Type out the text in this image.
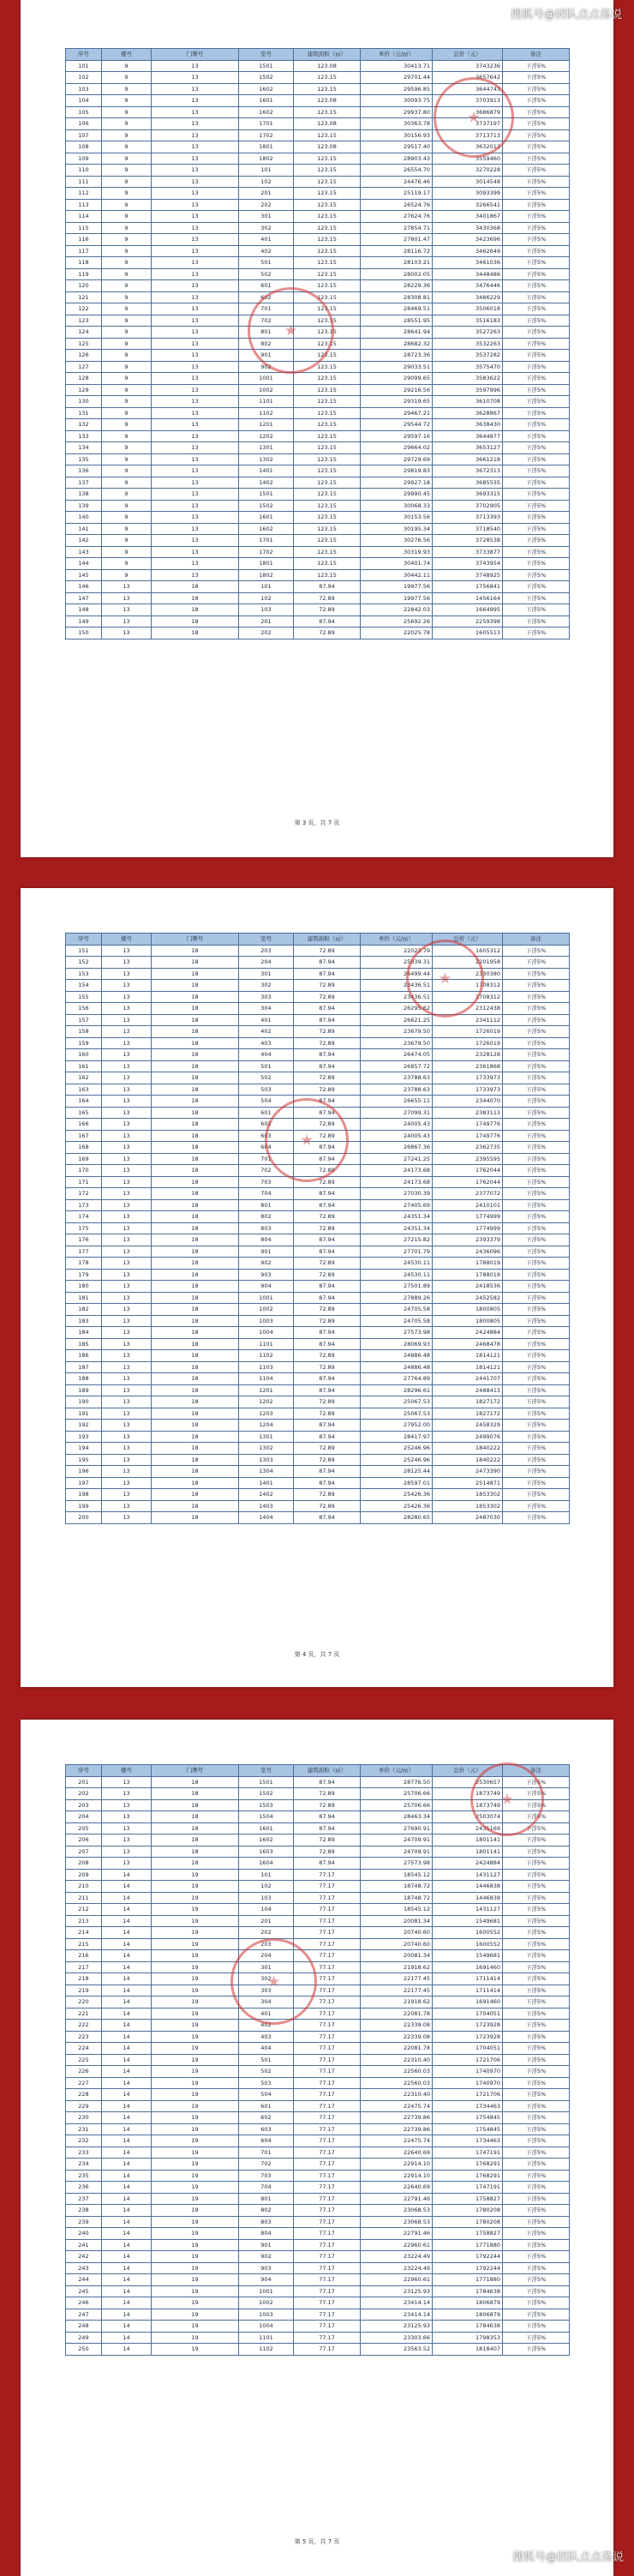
序号	楼号	门牌号	室号	建筑面积（㎡）	单价（元/㎡）	总价（元）	备注
101	9	13	1501	123.08	30413.71	3743236	下浮5%
102	9	13	1502	123.15	29701.44	3657642	下浮5%
103	9	13	1602	123.15	29596.85	3644743	下浮5%
104	9	13	1601	123.08	30093.75	3703913	下浮5%
105	9	13	1602	123.15	29937.80	3686879	下浮5%
106	9	13	1701	123.08	30363.78	3737197	下浮5%
107	9	13	1702	123.15	30156.93	3713713	下浮5%
108	9	13	1801	123.08	29517.40	3632013	下浮5%
109	9	13	1802	123.15	28903.43	3559460	下浮5%
110	9	13	101	123.15	26554.70	3270228	下浮5%
111	9	13	102	123.15	24476.46	3014548	下浮5%
112	9	13	201	123.15	25119.17	3093399	下浮5%
113	9	13	202	123.15	26524.76	3266541	下浮5%
114	9	13	301	123.15	27624.76	3401867	下浮5%
115	9	13	302	123.15	27854.71	3430368	下浮5%
116	9	13	401	123.15	27801.47	3423696	下浮5%
117	9	13	402	123.15	28116.72	3462649	下浮5%
118	9	13	501	123.15	28103.21	3461036	下浮5%
119	9	13	502	123.15	28002.05	3448486	下浮5%
120	9	13	601	123.15	28229.36	3476446	下浮5%
121	9	13	602	123.15	28308.81	3486229	下浮5%
122	9	13	701	123.15	28469.51	3506018	下浮5%
123	9	13	702	123.15	28551.95	3516183	下浮5%
124	9	13	801	123.15	28641.94	3527263	下浮5%
125	9	13	802	123.15	28682.32	3532263	下浮5%
126	9	13	901	123.15	28723.36	3537282	下浮5%
127	9	13	902	123.15	29033.51	3575470	下浮5%
128	9	13	1001	123.15	29099.65	3583622	下浮5%
129	9	13	1002	123.15	29216.56	3597996	下浮5%
130	9	13	1101	123.15	29319.65	3610708	下浮5%
131	9	13	1102	123.15	29467.21	3628867	下浮5%
132	9	13	1201	123.15	29544.72	3638430	下浮5%
133	9	13	1202	123.15	29597.16	3644877	下浮5%
134	9	13	1301	123.15	29664.02	3653127	下浮5%
135	9	13	1302	123.15	29729.69	3661218	下浮5%
136	9	13	1401	123.15	29819.83	3672313	下浮5%
137	9	13	1402	123.15	29927.18	3685535	下浮5%
138	9	13	1501	123.15	29990.45	3693315	下浮5%
139	9	13	1502	123.15	30068.33	3702905	下浮5%
140	9	13	1601	123.15	30153.56	3713393	下浮5%
141	9	13	1602	123.15	30195.34	3718540	下浮5%
142	9	13	1701	123.15	30276.56	3728538	下浮5%
143	9	13	1702	123.15	30319.93	3733877	下浮5%
144	9	13	1801	123.15	30401.74	3743954	下浮5%
145	9	13	1802	123.15	30442.11	3748925	下浮5%
146	13	18	101	87.94	19977.56	1756841	下浮5%
147	13	18	102	72.89	19977.56	1456164	下浮5%
148	13	18	103	72.89	22842.03	1664995	下浮5%
149	13	18	201	87.94	25692.26	2259398	下浮5%
150	13	18	202	72.89	22025.78	1605513	下浮5%
第 3 页，共 7 页
序号	楼号	门牌号	室号	建筑面积（㎡）	单价（元/㎡）	总价（元）	备注
151	13	18	203	72.89	22023.79	1605312	下浮5%
152	13	18	204	87.94	25039.31	2201958	下浮5%
153	13	18	301	87.94	26499.44	2330380	下浮5%
154	13	18	302	72.89	23436.51	1708312	下浮5%
155	13	18	303	72.89	23436.51	1708312	下浮5%
156	13	18	304	87.94	26295.62	2312438	下浮5%
157	13	18	401	87.94	26621.25	2341112	下浮5%
158	13	18	402	72.89	23679.50	1726019	下浮5%
159	13	18	403	72.89	23679.50	1726019	下浮5%
160	13	18	404	87.94	26474.05	2328128	下浮5%
161	13	18	501	87.94	26857.72	2361868	下浮5%
162	13	18	502	72.89	23788.63	1733973	下浮5%
163	13	18	503	72.89	23788.63	1733973	下浮5%
164	13	18	504	87.94	26655.11	2344070	下浮5%
165	13	18	601	87.94	27099.31	2383113	下浮5%
166	13	18	602	72.89	24005.43	1749776	下浮5%
167	13	18	603	72.89	24005.43	1749776	下浮5%
168	13	18	604	87.94	26867.36	2362735	下浮5%
169	13	18	701	87.94	27241.25	2395595	下浮5%
170	13	18	702	72.89	24173.68	1762044	下浮5%
171	13	18	703	72.89	24173.68	1762044	下浮5%
172	13	18	704	87.94	27030.39	2377072	下浮5%
173	13	18	801	87.94	27405.69	2410101	下浮5%
174	13	18	802	72.89	24351.34	1774999	下浮5%
175	13	18	803	72.89	24351.34	1774999	下浮5%
176	13	18	804	87.94	27215.82	2393379	下浮5%
177	13	18	901	87.94	27701.79	2436096	下浮5%
178	13	18	902	72.89	24530.11	1788019	下浮5%
179	13	18	903	72.89	24530.11	1788019	下浮5%
180	13	18	904	87.94	27501.89	2418536	下浮5%
181	13	18	1001	87.94	27889.26	2452582	下浮5%
182	13	18	1002	72.89	24705.58	1800805	下浮5%
183	13	18	1003	72.89	24705.58	1800805	下浮5%
184	13	18	1004	87.94	27573.98	2424884	下浮5%
185	13	18	1101	87.94	28069.93	2468478	下浮5%
186	13	18	1102	72.89	24886.48	1814121	下浮5%
187	13	18	1103	72.89	24886.48	1814121	下浮5%
188	13	18	1104	87.94	27764.89	2441707	下浮5%
189	13	18	1201	87.94	28296.61	2488413	下浮5%
190	13	18	1202	72.89	25067.53	1827172	下浮5%
191	13	18	1203	72.89	25067.53	1827172	下浮5%
192	13	18	1204	87.94	27952.00	2458329	下浮5%
193	13	18	1301	87.94	28417.97	2499076	下浮5%
194	13	18	1302	72.89	25246.96	1840222	下浮5%
195	13	18	1303	72.89	25246.96	1840222	下浮5%
196	13	18	1304	87.94	28125.44	2473390	下浮5%
197	13	18	1401	87.94	28597.01	2514871	下浮5%
198	13	18	1402	72.89	25426.36	1853302	下浮5%
199	13	18	1403	72.89	25426.36	1853302	下浮5%
200	13	18	1404	87.94	28280.65	2487030	下浮5%
第 4 页，共 7 页
序号	楼号	门牌号	室号	建筑面积（㎡）	单价（元/㎡）	总价（元）	备注
201	13	18	1501	87.94	28776.50	2530657	下浮5%
202	13	18	1502	72.89	25706.66	1873749	下浮5%
203	13	18	1503	72.89	25706.66	1873749	下浮5%
204	13	18	1504	87.94	28463.34	2503074	下浮5%
205	13	18	1601	87.94	27690.91	2435169	下浮5%
206	13	18	1602	72.89	24709.91	1801141	下浮5%
207	13	18	1603	72.89	24709.91	1801141	下浮5%
208	13	18	1604	87.94	27573.98	2424884	下浮5%
209	14	19	101	77.17	18545.12	1431127	下浮5%
210	14	19	102	77.17	18748.72	1446838	下浮5%
211	14	19	103	77.17	18748.72	1446838	下浮5%
212	14	19	104	77.17	18545.12	1431127	下浮5%
213	14	19	201	77.17	20081.34	1549681	下浮5%
214	14	19	202	77.17	20740.60	1600552	下浮5%
215	14	19	203	77.17	20740.60	1600552	下浮5%
216	14	19	204	77.17	20081.34	1549681	下浮5%
217	14	19	301	77.17	21918.62	1691460	下浮5%
218	14	19	302	77.17	22177.45	1711414	下浮5%
219	14	19	303	77.17	22177.45	1711414	下浮5%
220	14	19	304	77.17	21918.62	1691460	下浮5%
221	14	19	401	77.17	22081.78	1704051	下浮5%
222	14	19	402	77.17	22339.08	1723928	下浮5%
223	14	19	403	77.17	22339.08	1723928	下浮5%
224	14	19	404	77.17	22081.78	1704051	下浮5%
225	14	19	501	77.17	22310.40	1721706	下浮5%
226	14	19	502	77.17	22560.03	1740970	下浮5%
227	14	19	503	77.17	22560.03	1740970	下浮5%
228	14	19	504	77.17	22310.40	1721706	下浮5%
229	14	19	601	77.17	22475.74	1734463	下浮5%
230	14	19	602	77.17	22739.86	1754845	下浮5%
231	14	19	603	77.17	22739.86	1754845	下浮5%
232	14	19	604	77.17	22475.74	1734463	下浮5%
233	14	19	701	77.17	22640.69	1747191	下浮5%
234	14	19	702	77.17	22914.10	1768291	下浮5%
235	14	19	703	77.17	22914.10	1768291	下浮5%
236	14	19	704	77.17	22640.69	1747191	下浮5%
237	14	19	801	77.17	22791.46	1758827	下浮5%
238	14	19	802	77.17	23068.53	1780208	下浮5%
239	14	19	803	77.17	23068.53	1780208	下浮5%
240	14	19	804	77.17	22791.46	1758827	下浮5%
241	14	19	901	77.17	22960.61	1771880	下浮5%
242	14	19	902	77.17	23224.49	1792244	下浮5%
243	14	19	903	77.17	23224.49	1792244	下浮5%
244	14	19	904	77.17	22960.61	1771880	下浮5%
245	14	19	1001	77.17	23125.93	1784638	下浮5%
246	14	19	1002	77.17	23414.14	1806879	下浮5%
247	14	19	1003	77.17	23414.14	1806879	下浮5%
248	14	19	1004	77.17	23125.93	1784638	下浮5%
249	14	19	1101	77.17	23303.66	1798353	下浮5%
250	14	19	1102	77.17	23563.52	1818407	下浮5%
第 5 页，共 7 页
搜狐号@团队点点荡说
搜狐号@团队点点荡说
